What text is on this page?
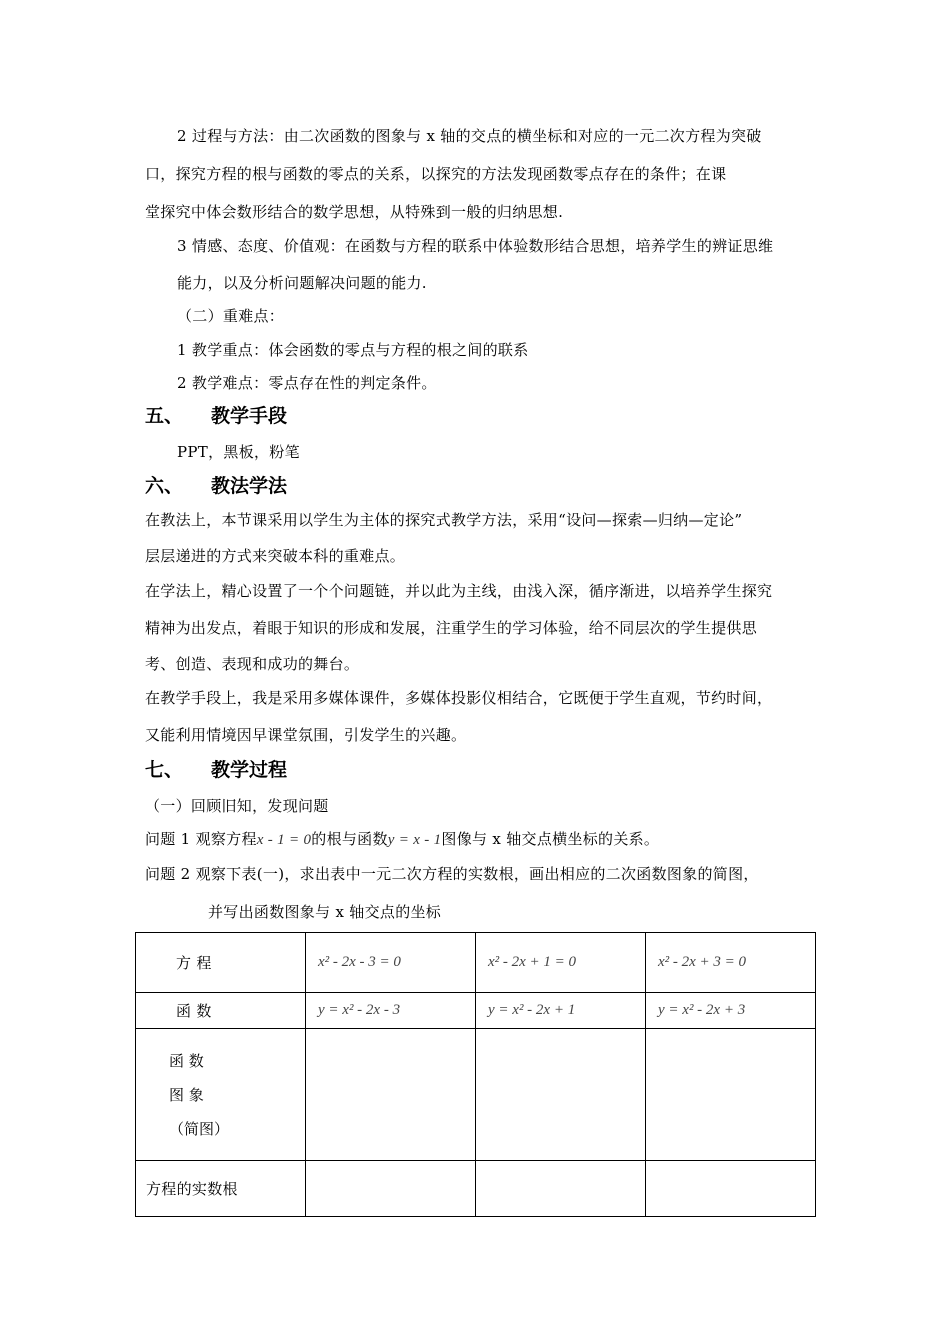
2 过程与方法：由二次函数的图象与 x 轴的交点的横坐标和对应的一元二次方程为突破
口，探究方程的根与函数的零点的关系，以探究的方法发现函数零点存在的条件；在课
堂探究中体会数形结合的数学思想，从特殊到一般的归纳思想.
3 情感、态度、价值观：在函数与方程的联系中体验数形结合思想，培养学生的辨证思维
能力，以及分析问题解决问题的能力.
（二）重难点：
1 教学重点：体会函数的零点与方程的根之间的联系
2 教学难点：零点存在性的判定条件。
五、 教学手段
PPT，黑板，粉笔
六、 教法学法
在教法上，本节课采用以学生为主体的探究式教学方法，采用“设问—探索—归纳—定论”
层层递进的方式来突破本科的重难点。
在学法上，精心设置了一个个问题链，并以此为主线，由浅入深，循序渐进，以培养学生探究
精神为出发点，着眼于知识的形成和发展，注重学生的学习体验，给不同层次的学生提供思
考、创造、表现和成功的舞台。
在教学手段上，我是采用多媒体课件，多媒体投影仪相结合，它既便于学生直观，节约时间，
又能利用情境因早课堂氛围，引发学生的兴趣。
七、 教学过程
（一）回顾旧知，发现问题
问题 1 观察方程x - 1 = 0的根与函数y = x - 1图像与 x 轴交点横坐标的关系。
问题 2 观察下表(一)，求出表中一元二次方程的实数根，画出相应的二次函数图象的简图，
并写出函数图象与 x 轴交点的坐标
方 程	x² - 2x - 3 = 0	x² - 2x + 1 = 0	x² - 2x + 3 = 0
函 数	y = x² - 2x - 3	y = x² - 2x + 1	y = x² - 2x + 3

函 数
图 象
（简图）			

方程的实数根			
